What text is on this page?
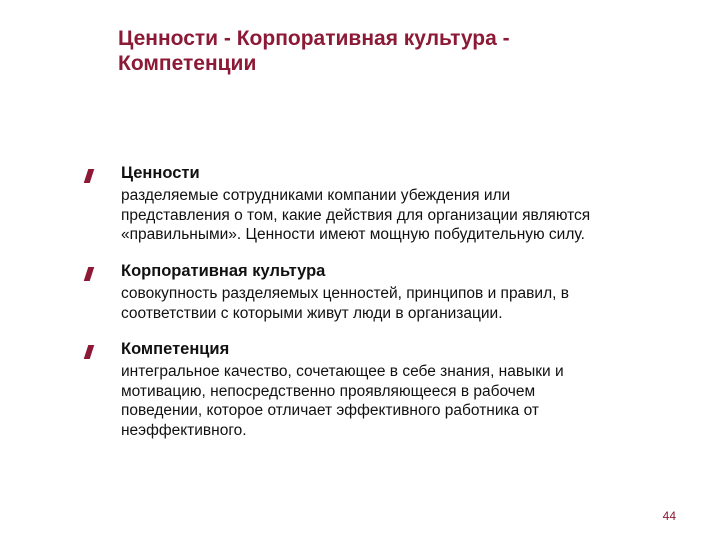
Ценности - Корпоративная культура -
Компетенции

Ценности

разделяемые сотрудниками компании убеждения или
представления о том, какие действия для организации являются
«правильными». Ценности имеют мощную побудительную силу.

Корпоративная культура

совокупность разделяемых ценностей, принципов и правил, в
соответствии с которыми живут люди в организации.

Компетенция

интегральное качество, сочетающее в себе знания, навыки и
мотивацию, непосредственно проявляющееся в рабочем
поведении, которое отличает эффективного работника от
неэффективного.

44
